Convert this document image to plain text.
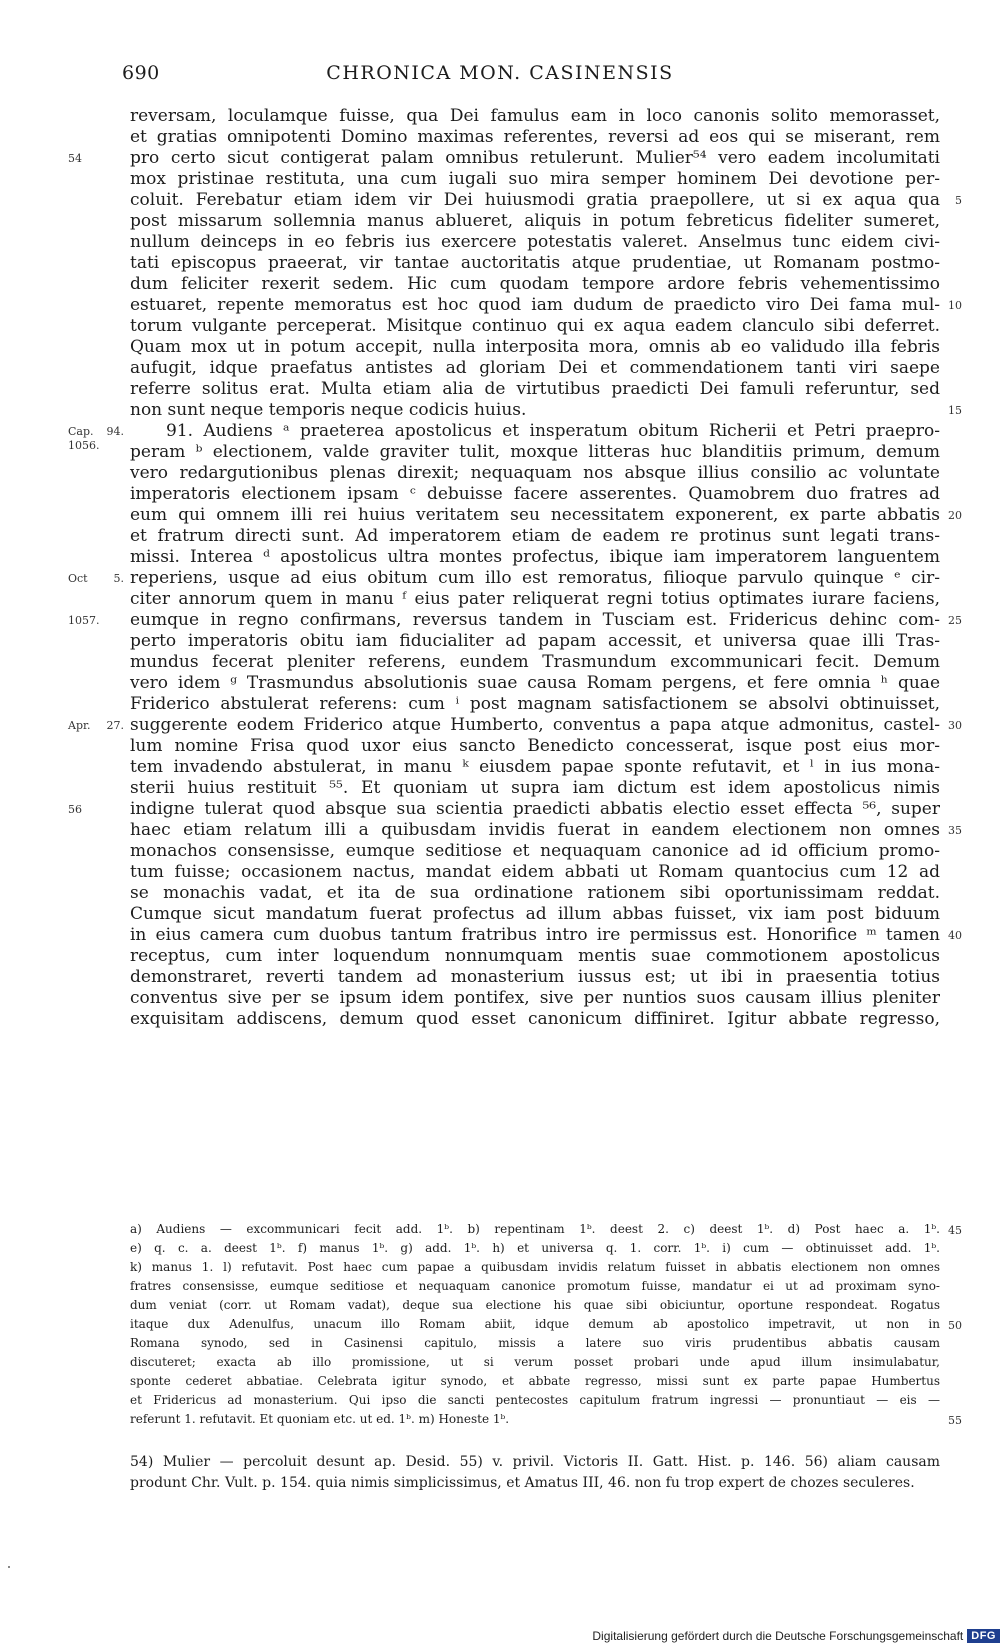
CHRONICA MON. CASINENSIS
690
reversam, loculamque fuisse, qua Dei famulus eam in loco canonis solito memorasset,
et gratias omnipotenti Domino maximas referentes, reversi ad eos qui se miserant, rem
pro certo sicut contigerat palam omnibus retulerunt. Mulier⁵⁴ vero eadem incolumitati
54
mox pristinae restituta, una cum iugali suo mira semper hominem Dei devotione per-
coluit. Ferebatur etiam idem vir Dei huiusmodi gratia praepollere, ut si ex aqua qua 5
post missarum sollemnia manus ablueret, aliquis in potum febreticus fideliter sumeret,
nullum deinceps in eo febris ius exercere potestatis valeret. Anselmus tunc eidem civi-
tati episcopus praeerat, vir tantae auctoritatis atque prudentiae, ut Romanam postmo-
dum feliciter rexerit sedem. Hic cum quodam tempore ardore febris vehementissimo
estuaret, repente memoratus est hoc quod iam dudum de praedicto viro Dei fama mul- 10
torum vulgante perceperat. Misitque continuo qui ex aqua eadem clanculo sibi deferret.
Quam mox ut in potum accepit, nulla interposita mora, omnis ab eo validudo illa febris
aufugit, idque praefatus antistes ad gloriam Dei et commendationem tanti viri saepe
referre solitus erat. Multa etiam alia de virtutibus praedicti Dei famuli referuntur, sed
non sunt neque temporis neque codicis huius.	15
91. Audiens ᵃ praeterea apostolicus et insperatum obitum Richerii et Petri praepro-
Cap. 94.
1056.	peram ᵇ electionem, valde graviter tulit, moxque litteras huc blanditiis primum, demum
vero redargutionibus plenas direxit; nequaquam nos absque illius consilio ac voluntate
imperatoris electionem ipsam ᶜ debuisse facere asserentes. Quamobrem duo fratres ad
eum qui omnem illi rei huius veritatem seu necessitatem exponerent, ex parte abbatis 20
et fratrum directi sunt. Ad imperatorem etiam de eadem re protinus sunt legati trans-
missi. Interea ᵈ apostolicus ultra montes profectus, ibique iam imperatorem languentem
reperiens, usque ad eius obitum cum illo est remoratus, filioque parvulo quinque ᵉ cir-
Oct 5.
citer annorum quem in manu ᶠ eius pater reliquerat regni totius optimates iurare faciens,
eumque in regno confirmans, reversus tandem in Tusciam est. Fridericus dehinc com-
1057.	25
perto imperatoris obitu iam fiducialiter ad papam accessit, et universa quae illi Tras-
mundus fecerat pleniter referens, eundem Trasmundum excommunicari fecit. Demum
vero idem ᵍ Trasmundus absolutionis suae causa Romam pergens, et fere omnia ʰ quae
Friderico abstulerat referens: cum ⁱ post magnam satisfactionem se absolvi obtinuisset,
suggerente eodem Friderico atque Humberto, conventus a papa atque admonitus, castel-
Apr. 27.	30
lum nomine Frisa quod uxor eius sancto Benedicto concesserat, isque post eius mor-
tem invadendo abstulerat, in manu ᵏ eiusdem papae sponte refutavit, et ˡ in ius mona-
sterii huius restituit ⁵⁵. Et quoniam ut supra iam dictum est idem apostolicus nimis
indigne tulerat quod absque sua scientia praedicti abbatis electio esset effecta ⁵⁶, super
56
haec etiam relatum illi a quibusdam invidis fuerat in eandem electionem non omnes 35
monachos consensisse, eumque seditiose et nequaquam canonice ad id officium promo-
tum fuisse; occasionem nactus, mandat eidem abbati ut Romam quantocius cum 12 ad
se monachis vadat, et ita de sua ordinatione rationem sibi oportunissimam reddat.
Cumque sicut mandatum fuerat profectus ad illum abbas fuisset, vix iam post biduum
in eius camera cum duobus tantum fratribus intro ire permissus est. Honorifice ᵐ tamen 40
receptus, cum inter loquendum nonnumquam mentis suae commotionem apostolicus
demonstraret, reverti tandem ad monasterium iussus est; ut ibi in praesentia totius
conventus sive per se ipsum idem pontifex, sive per nuntios suos causam illius pleniter
exquisitam addiscens, demum quod esset canonicum diffiniret. Igitur abbate regresso,
a) Audiens — excommunicari fecit add. 1ᵇ. b) repentinam 1ᵇ. deest 2. c) deest 1ᵇ. d) Post haec a. 1ᵇ. 45
e) q. c. a. deest 1ᵇ. f) manus 1ᵇ. g) add. 1ᵇ. h) et universa q. 1. corr. 1ᵇ. i) cum — obtinuisset add. 1ᵇ.
k) manus 1. l) refutavit. Post haec cum papae a quibusdam invidis relatum fuisset in abbatis electionem non omnes
fratres consensisse, eumque seditiose et nequaquam canonice promotum fuisse, mandatur ei ut ad proximam syno-
dum veniat (corr. ut Romam vadat), deque sua electione his quae sibi obiciuntur, oportune respondeat. Rogatus
itaque dux Adenulfus, unacum illo Romam abiit, idque demum ab apostolico impetravit, ut non in 50
Romana synodo, sed in Casinensi capitulo, missis a latere suo viris prudentibus abbatis causam
discuteret; exacta ab illo promissione, ut si verum posset probari unde apud illum insimulabatur,
sponte cederet abbatiae. Celebrata igitur synodo, et abbate regresso, missi sunt ex parte papae Humbertus
et Fridericus ad monasterium. Qui ipso die sancti pentecostes capitulum fratrum ingressi — pronuntiaut — eis —
referunt 1. refutavit. Et quoniam etc. ut ed. 1ᵇ. m) Honeste 1ᵇ.	55
54) Mulier — percoluit desunt ap. Desid. 55) v. privil. Victoris II. Gatt. Hist. p. 146. 56) aliam causam
produnt Chr. Vult. p. 154. quia nimis simplicissimus, et Amatus III, 46. non fu trop expert de chozes seculeres.
Digitalisierung gefördert durch die Deutsche Forschungsgemeinschaft DFG
